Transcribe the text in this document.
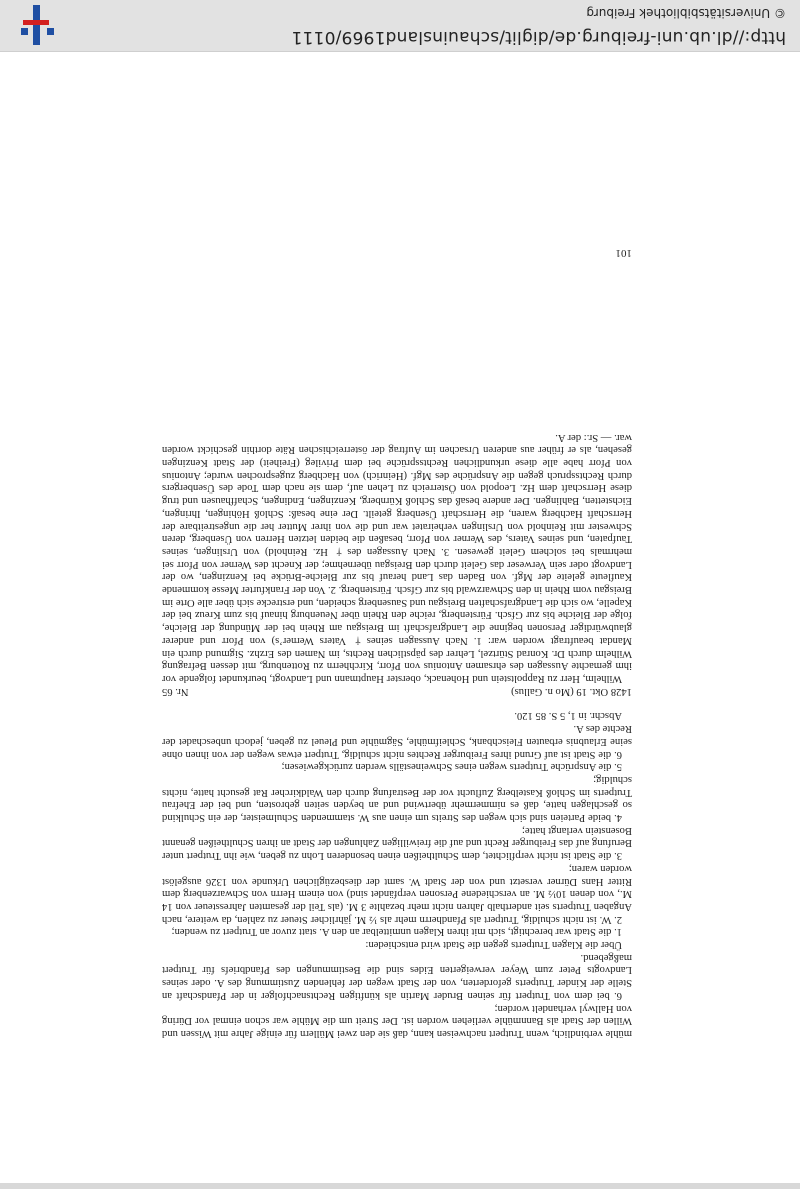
mühle verbindlich, wenn Trutpert nachweisen kann, daß sie den zwei Müllern für einige Jahre mit Wissen und Willen der Stadt als Bannmühle verliehen worden ist. Der Streit um die Mühle war schon einmal vor Düring von Hallwyl verhandelt worden;

6. bei dem von Trutpert für seinen Bruder Martin als künftigen Rechtsnachfolger in der Pfandschaft an Stelle der Kinder Trutperts geforderten, von der Stadt wegen der fehlenden Zustimmung des A. oder seines Landvogts Peter zum Weyer verweigerten Eides sind die Bestimmungen des Pfandbriefs für Trutpert maßgebend.

Über die Klagen Trutperts gegen die Stadt wird entschieden:

1. die Stadt war berechtigt, sich mit ihren Klagen unmittelbar an den A. statt zuvor an Trutpert zu wenden;

2. W. ist nicht schuldig, Trutpert als Pfandherrn mehr als ½ M. jährlicher Steuer zu zahlen, da weitere, nach Angaben Trutperts seit anderthalb Jahren nicht mehr bezahlte 3 M. (als Teil der gesamten Jahressteuer von 14 M., von denen 10½ M. an verschiedene Personen verpfändet sind) von einem Herrn von Schwarzenberg dem Ritter Hans Dürner versetzt und von der Stadt W. samt der diesbezüglichen Urkunde von 1326 ausgelöst worden waren;

3. die Stadt ist nicht verpflichtet, dem Schultheißen einen besonderen Lohn zu geben, wie ihn Trutpert unter Berufung auf das Freiburger Recht und auf die freiwilligen Zahlungen der Stadt an ihren Schultheißen genannt Bosenstein verlangt hatte;

4. beide Parteien sind sich wegen des Streits um einen aus W. stammenden Schulmeister, der ein Schulkind so geschlagen hatte, daß es nimmermehr übertwind und an beyden seiten gebrosten, und bei der Ehefrau Trutperts im Schloß Kastelberg Zuflucht vor der Bestrafung durch den Waldkircher Rat gesucht hatte, nichts schuldig;

5. die Ansprüche Trutperts wegen eines Schweineställs werden zurückgewiesen;

6. die Stadt ist auf Grund ihres Freiburger Rechtes nicht schuldig, Trutpert etwas wegen der von ihnen ohne seine Erlaubnis erbauten Fleischbank, Schleifmühle, Sägmühle und Pleuel zu geben, jedoch unbeschadet der Rechte des A.

Abschr. in 1, 5 S. 85 120.

1428 Okt. 19 (Mo n. Gallus)
Nr. 65

Wilhelm, Herr zu Rappoltstein und Hohenack, oberster Hauptmann und Landvogt, beurkundet folgende vor ihm gemachte Aussagen des ehrsamen Antonius von Pforr, Kirchherrn zu Rottenburg, mit dessen Befragung Wilhelm durch Dr. Konrad Stürtzel, Lehrer des päpstlichen Rechts, im Namen des Erzhz. Sigmund durch ein Mandat beauftragt worden war: 1. Nach Aussagen seines † Vaters Wernerʼs) von Pforr und anderer glaubwürdiger Personen beginne die Landgrafschaft im Breisgau am Rhein bei der Mündung der Bleiche, folge der Bleiche bis zur Gfsch. Fürstenberg, reiche den Rhein über Neuenburg hinauf bis zum Kreuz bei der Kapelle, wo sich die Landgrafschaften Breisgau und Sausenberg scheiden, und erstrecke sich über alle Orte im Breisgau vom Rhein in den Schwarzwald bis zur Gfsch. Fürstenberg. 2. Von der Frankfurter Messe kommende Kaufleute geleite der Mgf. von Baden das Land herauf bis zur Bleiche-Brücke bei Kenzingen, wo der Landvogt oder sein Verweser das Geleit durch den Breisgau übernehme; der Knecht des Werner von Pforr sei mehrmals bei solchem Geleit gewesen. 3. Nach Aussagen des † Hz. Reinhold) von Urslingen, seines Taufpaten, und seines Vaters, des Werner von Pforr, besaßen die beiden letzten Herren von Üsenberg, deren Schwester mit Reinhold von Urslingen verheiratet war und die von ihrer Mutter her die ungestreitbare der Herrschaft Hachberg waren, die Herrschaft Üsenberg geteilt. Der eine besaß: Schloß Höhingen, Ihringen, Eichstetten, Bahlingen. Der andere besaß das Schloß Kürnberg, Kenzingen, Endingen, Schaffhausen und trug diese Herrschaft dem Hz. Leopold von Österreich zu Lehen auf, dem sie nach dem Tode des Üsenbergers durch Rechtsspruch gegen die Ansprüche des Mgf. (Heinrich) von Hachberg zugesprochen wurde; Antonius von Pforr habe alle diese urkundlichen Rechtssprüche bei dem Privileg (Freiheit) der Stadt Kenzingen gesehen, als er früher aus anderen Ursachen im Auftrag der österreichischen Räte dorthin geschickt worden war. — Sr.: der A.

101
http://dl.ub.uni-freiburg.de/diglit/schauinsland1969/0111
© Universitätsbibliothek Freiburg
